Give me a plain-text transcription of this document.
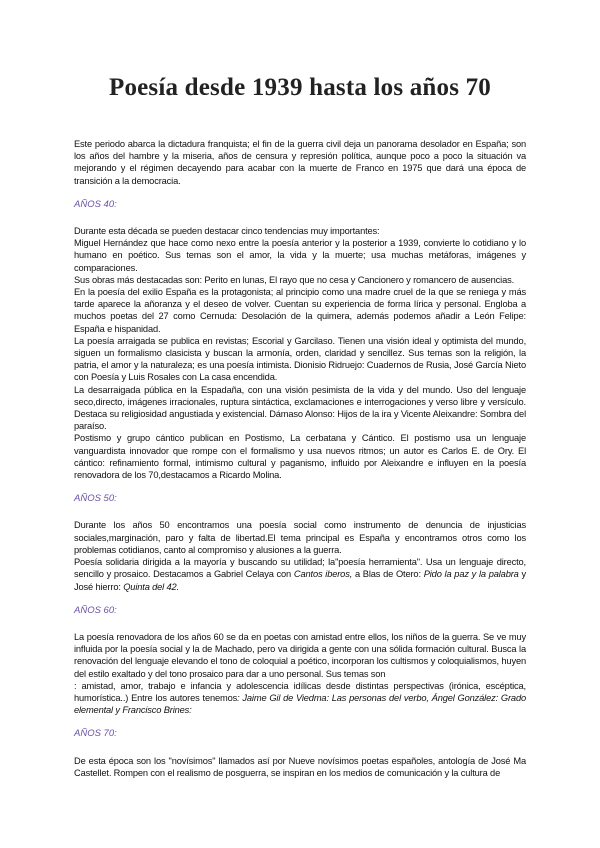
Poesía desde 1939 hasta los años 70

Este periodo abarca la dictadura franquista; el fin de la guerra civil deja un panorama desolador en España; son los años del hambre y la miseria, años de censura y represión política, aunque poco a poco la situación va mejorando y el régimen decayendo para acabar con la muerte de Franco en 1975 que dará una época de transición a la democracia.

AÑOS 40:

Durante esta década se pueden destacar cinco tendencias muy importantes:

Miguel Hernández que hace como nexo entre la poesía anterior y la posterior a 1939, convierte lo cotidiano y lo humano en poético. Sus temas son el amor, la vida y la muerte; usa muchas metáforas, imágenes y comparaciones.

Sus obras más destacadas son: Perito en lunas, El rayo que no cesa y Cancionero y romancero de ausencias.

En la poesía del exilio España es la protagonista; al principio como una madre cruel de la que se reniega y más tarde aparece la añoranza y el deseo de volver. Cuentan su experiencia de forma lírica y personal. Engloba a muchos poetas del 27 como Cernuda: Desolación de la quimera, además podemos añadir a León Felipe: España e hispanidad.

La poesía arraigada se publica en revistas; Escorial y Garcilaso. Tienen una visión ideal y optimista del mundo, siguen un formalismo clasicista y buscan la armonía, orden, claridad y sencillez. Sus temas son la religión, la patria, el amor y la naturaleza; es una poesía intimista. Dionisio Ridruejo: Cuadernos de Rusia, José García Nieto con Poesía y Luis Rosales con La casa encendida.

La desarraigada pública en la Espadaña, con una visión pesimista de la vida y del mundo. Uso del lenguaje seco,directo, imágenes irracionales, ruptura sintáctica, exclamaciones e interrogaciones y verso libre y versículo. Destaca su religiosidad angustiada y existencial. Dámaso Alonso: Hijos de la ira y Vicente Aleixandre: Sombra del paraíso.

Postismo y grupo cántico publican en Postismo, La cerbatana y Cántico. El postismo usa un lenguaje vanguardista innovador que rompe con el formalismo y usa nuevos ritmos; un autor es Carlos E. de Ory. El cántico: refinamiento formal, intimismo cultural y paganismo, influido por Aleixandre e influyen en la poesía renovadora de los 70,destacamos a Ricardo Molina.

AÑOS 50:

Durante los años 50 encontramos una poesía social como instrumento de denuncia de injusticias sociales,marginación, paro y falta de libertad.El tema principal es España y encontramos otros como los problemas cotidianos, canto al compromiso y alusiones a la guerra.

Poesía solidaria dirigida a la mayoría y buscando su utilidad; la"poesía herramienta". Usa un lenguaje directo, sencillo y prosaico. Destacamos a Gabriel Celaya con Cantos iberos, a Blas de Otero: Pido la paz y la palabra y José hierro: Quinta del 42.

AÑOS 60:

La poesía renovadora de los años 60 se da en poetas con amistad entre ellos, los niños de la guerra. Se ve muy influida por la poesía social y la de Machado, pero va dirigida a gente con una sólida formación cultural. Busca la renovación del lenguaje elevando el tono de coloquial a poético, incorporan los cultismos y coloquialismos, huyen del estilo exaltado y del tono prosaico para dar a uno personal. Sus temas son

: amistad, amor, trabajo e infancia y adolescencia idílicas desde distintas perspectivas (irónica, escéptica, humorística..) Entre los autores tenemos: Jaime Gil de Viedma: Las personas del verbo, Ángel González: Grado elemental y Francisco Brines:

AÑOS 70:

De esta época son los "novísimos" llamados así por Nueve novísimos poetas españoles, antología de José Ma Castellet. Rompen con el realismo de posguerra, se inspiran en los medios de comunicación y la cultura de
